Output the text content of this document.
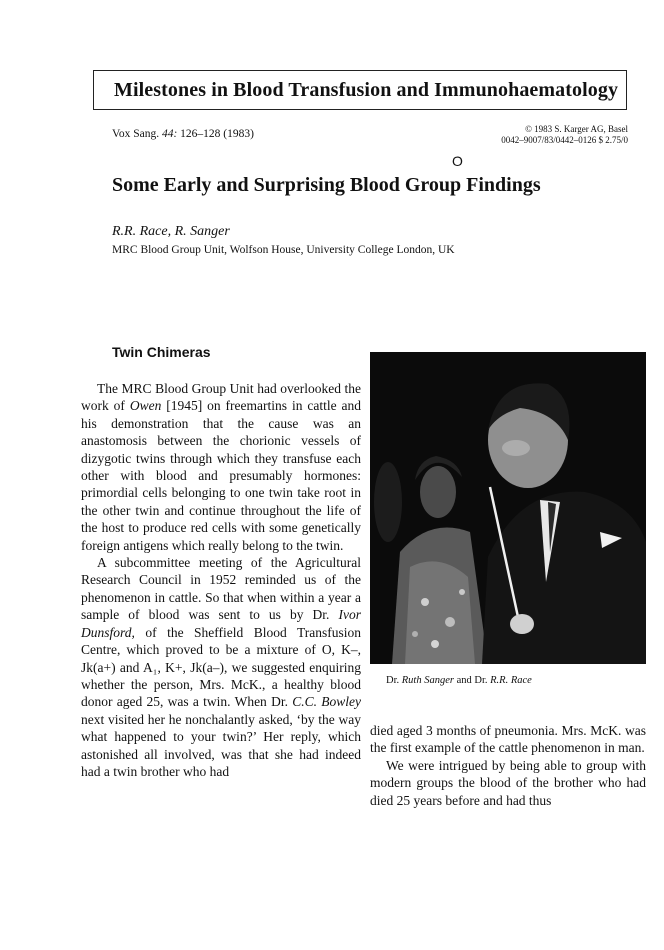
Milestones in Blood Transfusion and Immunohaematology
Vox Sang. 44: 126–128 (1983)	© 1983 S. Karger AG, Basel
0042–9007/83/0442–0126 $ 2.75/0
O
Some Early and Surprising Blood Group Findings
R.R. Race, R. Sanger
MRC Blood Group Unit, Wolfson House, University College London, UK
Twin Chimeras

The MRC Blood Group Unit had overlooked the work of Owen [1945] on freemartins in cattle and his demonstration that the cause was an anastomosis between the chorionic vessels of dizygotic twins through which they transfuse each other with blood and presumably hormones: primordial cells belonging to one twin take root in the other twin and continue throughout the life of the host to produce red cells with some genetically foreign antigens which really belong to the twin.

A subcommittee meeting of the Agricultural Research Council in 1952 reminded us of the phenomenon in cattle. So that when within a year a sample of blood was sent to us by Dr. Ivor Dunsford, of the Sheffield Blood Transfusion Centre, which proved to be a mixture of O, K–, Jk(a+) and A₁, K+, Jk(a–), we suggested enquiring whether the person, Mrs. McK., a healthy blood donor aged 25, was a twin. When Dr. C.C. Bowley next visited her he nonchalantly asked, ‘by the way what happened to your twin?’ Her reply, which astonished all involved, was that she had indeed had a twin brother who had

Dr. Ruth Sanger and Dr. R.R. Race

died aged 3 months of pneumonia. Mrs. McK. was the first example of the cattle phenomenon in man.

We were intrigued by being able to group with modern groups the blood of the brother who had died 25 years before and had thus
